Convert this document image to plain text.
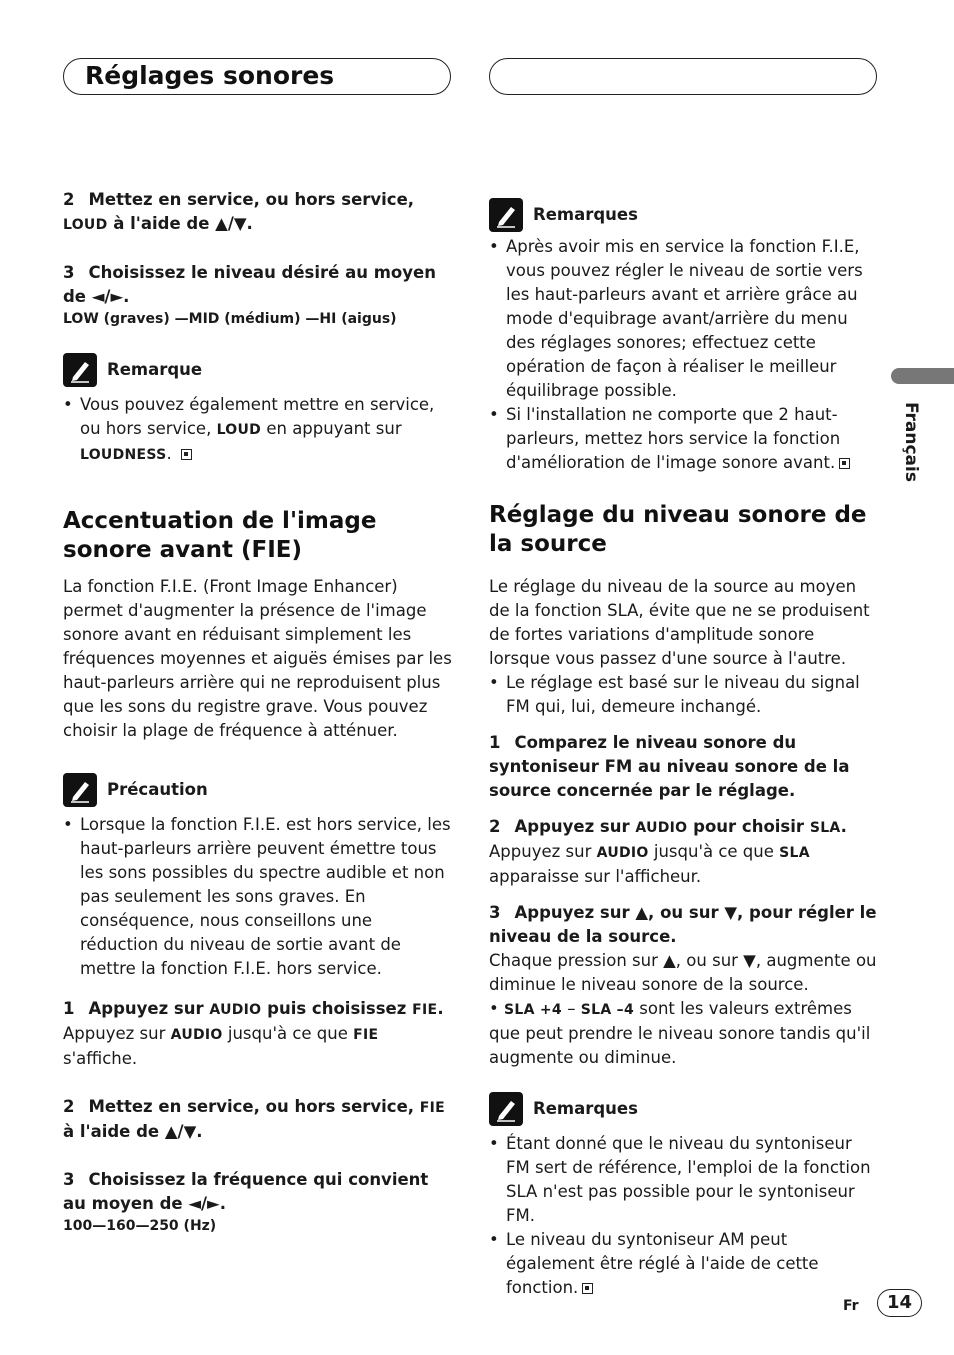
Réglages sonores
Français

2 Mettez en service, ou hors service, LOUD à l'aide de ▲/▼.

3 Choisissez le niveau désiré au moyen de ◄/►.

LOW (graves) —MID (médium) —HI (aigus)

Remarque
• Vous pouvez également mettre en service, ou hors service, LOUD en appuyant sur LOUDNESS.
Accentuation de l'image sonore avant (FIE)

La fonction F.I.E. (Front Image Enhancer) permet d'augmenter la présence de l'image sonore avant en réduisant simplement les fréquences moyennes et aiguës émises par les haut-parleurs arrière qui ne reproduisent plus que les sons du registre grave. Vous pouvez choisir la plage de fréquence à atténuer.

Précaution
• Lorsque la fonction F.I.E. est hors service, les haut-parleurs arrière peuvent émettre tous les sons possibles du spectre audible et non pas seulement les sons graves. En conséquence, nous conseillons une réduction du niveau de sortie avant de mettre la fonction F.I.E. hors service.

1 Appuyez sur AUDIO puis choisissez FIE.

Appuyez sur AUDIO jusqu'à ce que FIE s'affiche.

2 Mettez en service, ou hors service, FIE à l'aide de ▲/▼.

3 Choisissez la fréquence qui convient au moyen de ◄/►.

100—160—250 (Hz)

Remarques
• Après avoir mis en service la fonction F.I.E, vous pouvez régler le niveau de sortie vers les haut-parleurs avant et arrière grâce au mode d'equibrage avant/arrière du menu des réglages sonores; effectuez cette opération de façon à réaliser le meilleur équilibrage possible.
• Si l'installation ne comporte que 2 haut-parleurs, mettez hors service la fonction d'amélioration de l'image sonore avant.
Réglage du niveau sonore de la source

Le réglage du niveau de la source au moyen de la fonction SLA, évite que ne se produisent de fortes variations d'amplitude sonore lorsque vous passez d'une source à l'autre.

• Le réglage est basé sur le niveau du signal FM qui, lui, demeure inchangé.

1 Comparez le niveau sonore du syntoniseur FM au niveau sonore de la source concernée par le réglage.

2 Appuyez sur AUDIO pour choisir SLA.

Appuyez sur AUDIO jusqu'à ce que SLA apparaisse sur l'afficheur.

3 Appuyez sur ▲, ou sur ▼, pour régler le niveau de la source.

Chaque pression sur ▲, ou sur ▼, augmente ou diminue le niveau sonore de la source.

• SLA +4 – SLA –4 sont les valeurs extrêmes que peut prendre le niveau sonore tandis qu'il augmente ou diminue.

Remarques
• Étant donné que le niveau du syntoniseur FM sert de référence, l'emploi de la fonction SLA n'est pas possible pour le syntoniseur FM.
• Le niveau du syntoniseur AM peut également être réglé à l'aide de cette fonction.
Fr	14
